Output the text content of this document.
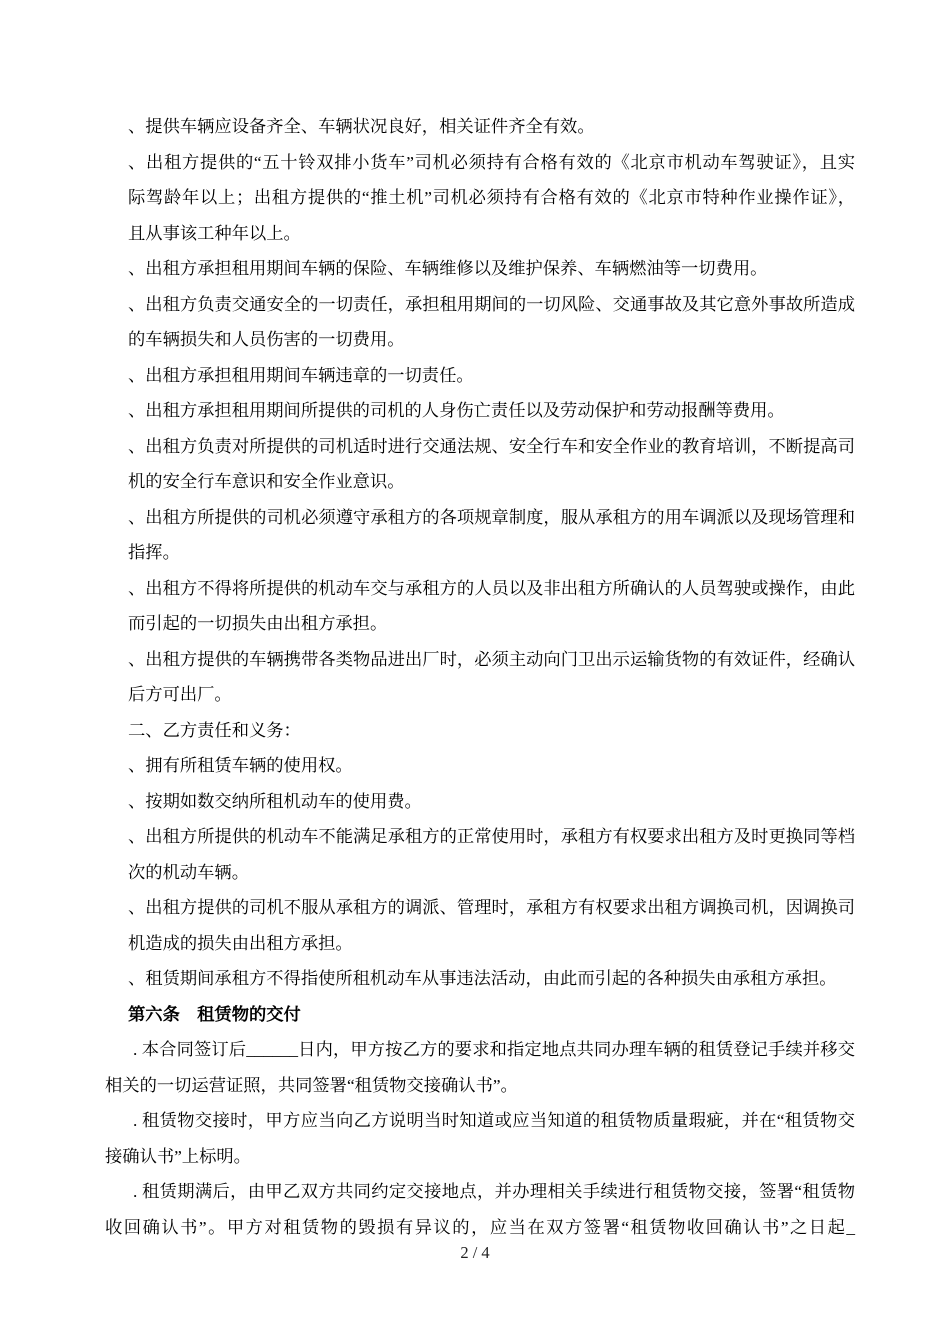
、提供车辆应设备齐全、车辆状况良好，相关证件齐全有效。
、出租方提供的“五十铃双排小货车”司机必须持有合格有效的《北京市机动车驾驶证》，且实
际驾龄年以上；出租方提供的“推土机”司机必须持有合格有效的《北京市特种作业操作证》，
且从事该工种年以上。
、出租方承担租用期间车辆的保险、车辆维修以及维护保养、车辆燃油等一切费用。
、出租方负责交通安全的一切责任，承担租用期间的一切风险、交通事故及其它意外事故所造成
的车辆损失和人员伤害的一切费用。
、出租方承担租用期间车辆违章的一切责任。
、出租方承担租用期间所提供的司机的人身伤亡责任以及劳动保护和劳动报酬等费用。
、出租方负责对所提供的司机适时进行交通法规、安全行车和安全作业的教育培训，不断提高司
机的安全行车意识和安全作业意识。
、出租方所提供的司机必须遵守承租方的各项规章制度，服从承租方的用车调派以及现场管理和
指挥。
、出租方不得将所提供的机动车交与承租方的人员以及非出租方所确认的人员驾驶或操作，由此
而引起的一切损失由出租方承担。
、出租方提供的车辆携带各类物品进出厂时，必须主动向门卫出示运输货物的有效证件，经确认
后方可出厂。
二、乙方责任和义务：
、拥有所租赁车辆的使用权。
、按期如数交纳所租机动车的使用费。
、出租方所提供的机动车不能满足承租方的正常使用时，承租方有权要求出租方及时更换同等档
次的机动车辆。
、出租方提供的司机不服从承租方的调派、管理时，承租方有权要求出租方调换司机，因调换司
机造成的损失由出租方承担。
、租赁期间承租方不得指使所租机动车从事违法活动，由此而引起的各种损失由承租方承担。
第六条　租赁物的交付
. 本合同签订后______日内，甲方按乙方的要求和指定地点共同办理车辆的租赁登记手续并移交
相关的一切运营证照，共同签署“租赁物交接确认书”。
. 租赁物交接时，甲方应当向乙方说明当时知道或应当知道的租赁物质量瑕疵，并在“租赁物交
接确认书”上标明。
. 租赁期满后，由甲乙双方共同约定交接地点，并办理相关手续进行租赁物交接，签署“租赁物
收回确认书”。甲方对租赁物的毁损有异议的，应当在双方签署“租赁物收回确认书”之日起_
2 / 4
